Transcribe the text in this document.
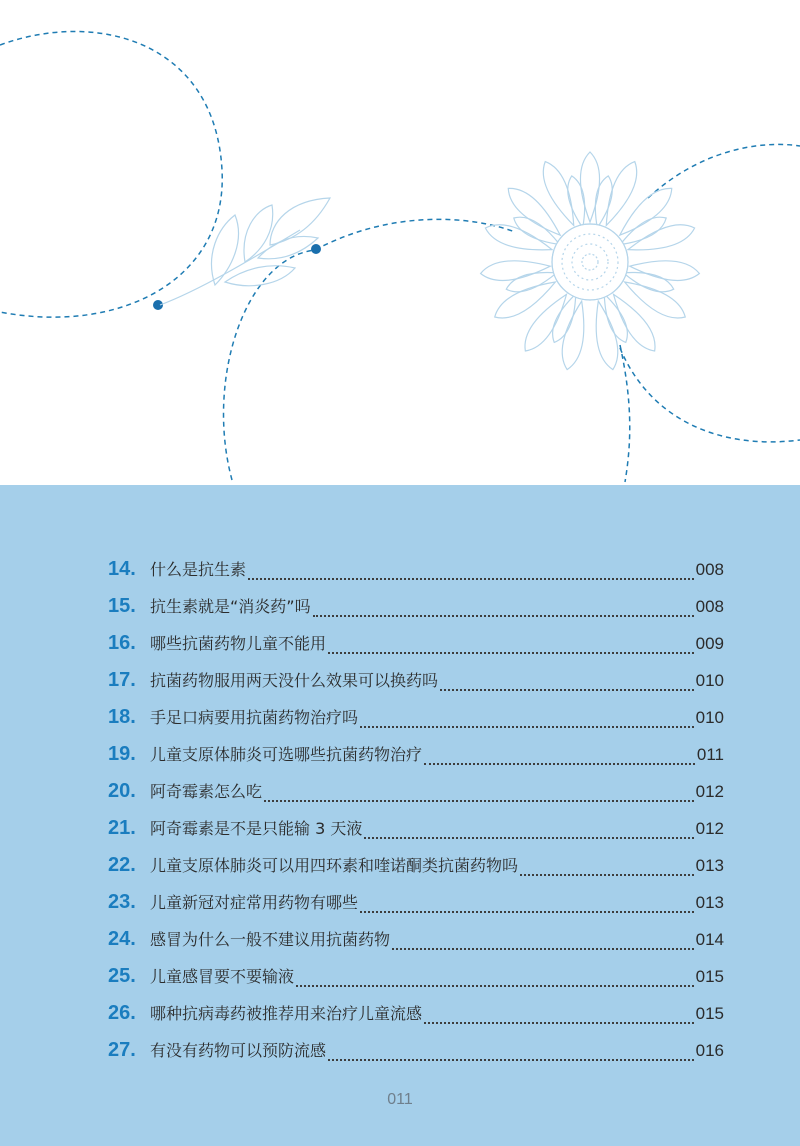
14. 什么是抗生素	008
15. 抗生素就是“消炎药”吗	008
16. 哪些抗菌药物儿童不能用	009
17. 抗菌药物服用两天没什么效果可以换药吗	010
18. 手足口病要用抗菌药物治疗吗	010
19. 儿童支原体肺炎可选哪些抗菌药物治疗	011
20. 阿奇霉素怎么吃	012
21. 阿奇霉素是不是只能输 3 天液	012
22. 儿童支原体肺炎可以用四环素和喹诺酮类抗菌药物吗	013
23. 儿童新冠对症常用药物有哪些	013
24. 感冒为什么一般不建议用抗菌药物	014
25. 儿童感冒要不要输液	015
26. 哪种抗病毒药被推荐用来治疗儿童流感	015
27. 有没有药物可以预防流感	016
011
